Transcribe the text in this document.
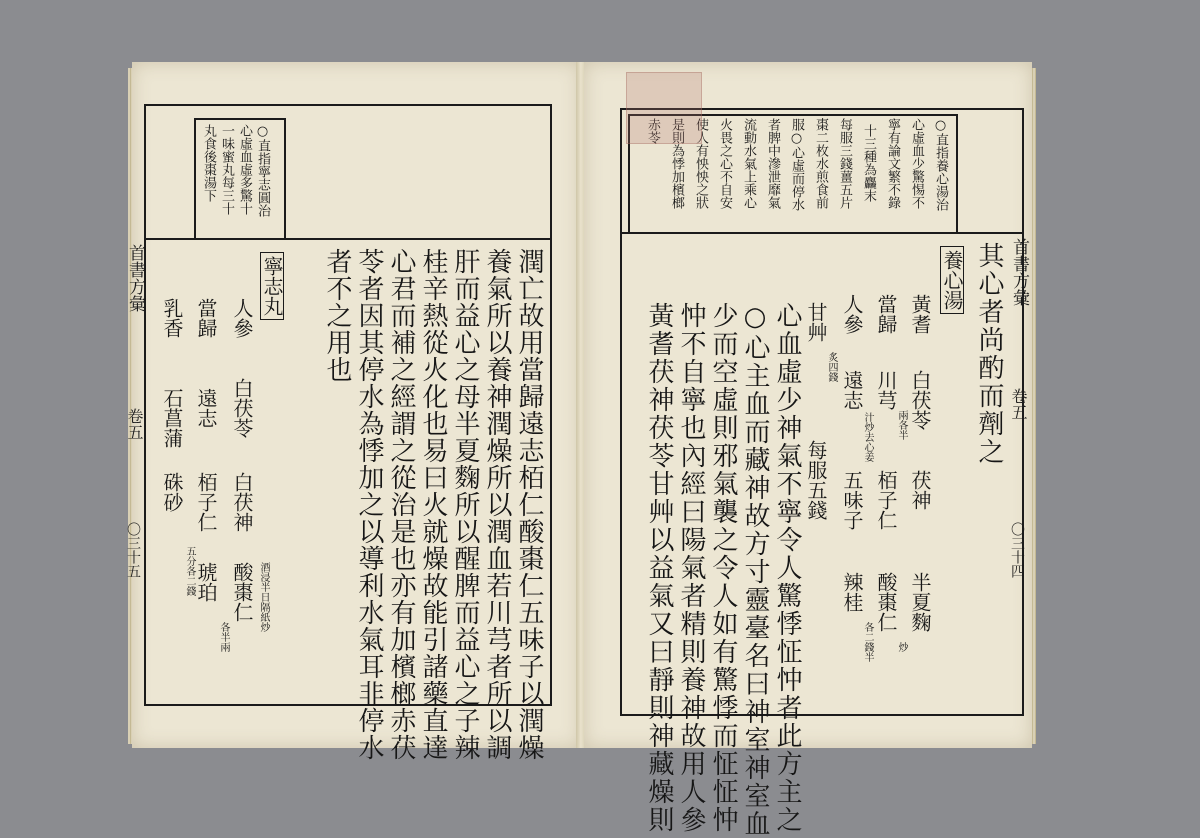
首書方彙
卷五
〇三十五
○直指寧志圓治
心虛血虛多驚十
一味蜜丸每三十
丸食後棗湯下
潤亡故用當歸遠志栢仁酸棗仁五味子以潤燥
養氣所以養神潤燥所以潤血若川芎者所以調
肝而益心之母半夏麴所以醒脾而益心之子辣
桂辛熱從火化也易曰火就燥故能引諸藥直達
心君而補之經謂之從治是也亦有加檳榔赤茯
苓者因其停水為悸加之以導利水氣耳非停水
者不之用也
寧志丸
人參
白茯苓
白茯神
當歸
遠志
栢子仁
酸棗仁 酒浸半日隔紙炒
琥珀
各半兩
乳香
石菖蒲
硃砂
五分各二錢
首書方彙
卷五
〇三十四
○直指養心湯治
心虛血少驚惕不
寧有論文繁不錄
十三種為麤末
每服三錢薑五片
棗二枚水煎食前
服○心虛而停水
者脾中滲泄靡氣
流動水氣上乘心
火畏之心不自安
使人有怏怏之狀
是則為悸加檳榔
赤苓
其心者尚酌而劑之
養心湯
黃耆
白茯苓
茯神
半夏麴
當歸
川芎
兩各半
栢子仁
酸棗仁
炒
人參
遠志
汁炒去心姜
五味子
辣桂
各二錢半
甘艸
炙四錢
每服五錢
心血虛少神氣不寧令人驚悸怔忡者此方主之
○心主血而藏神故方寸靈臺名曰神室神室血
少而空虛則邪氣襲之令人如有驚悸而怔怔忡
忡不自寧也內經曰陽氣者精則養神故用人參
黃耆茯神茯苓甘艸以益氣又曰靜則神藏燥則
